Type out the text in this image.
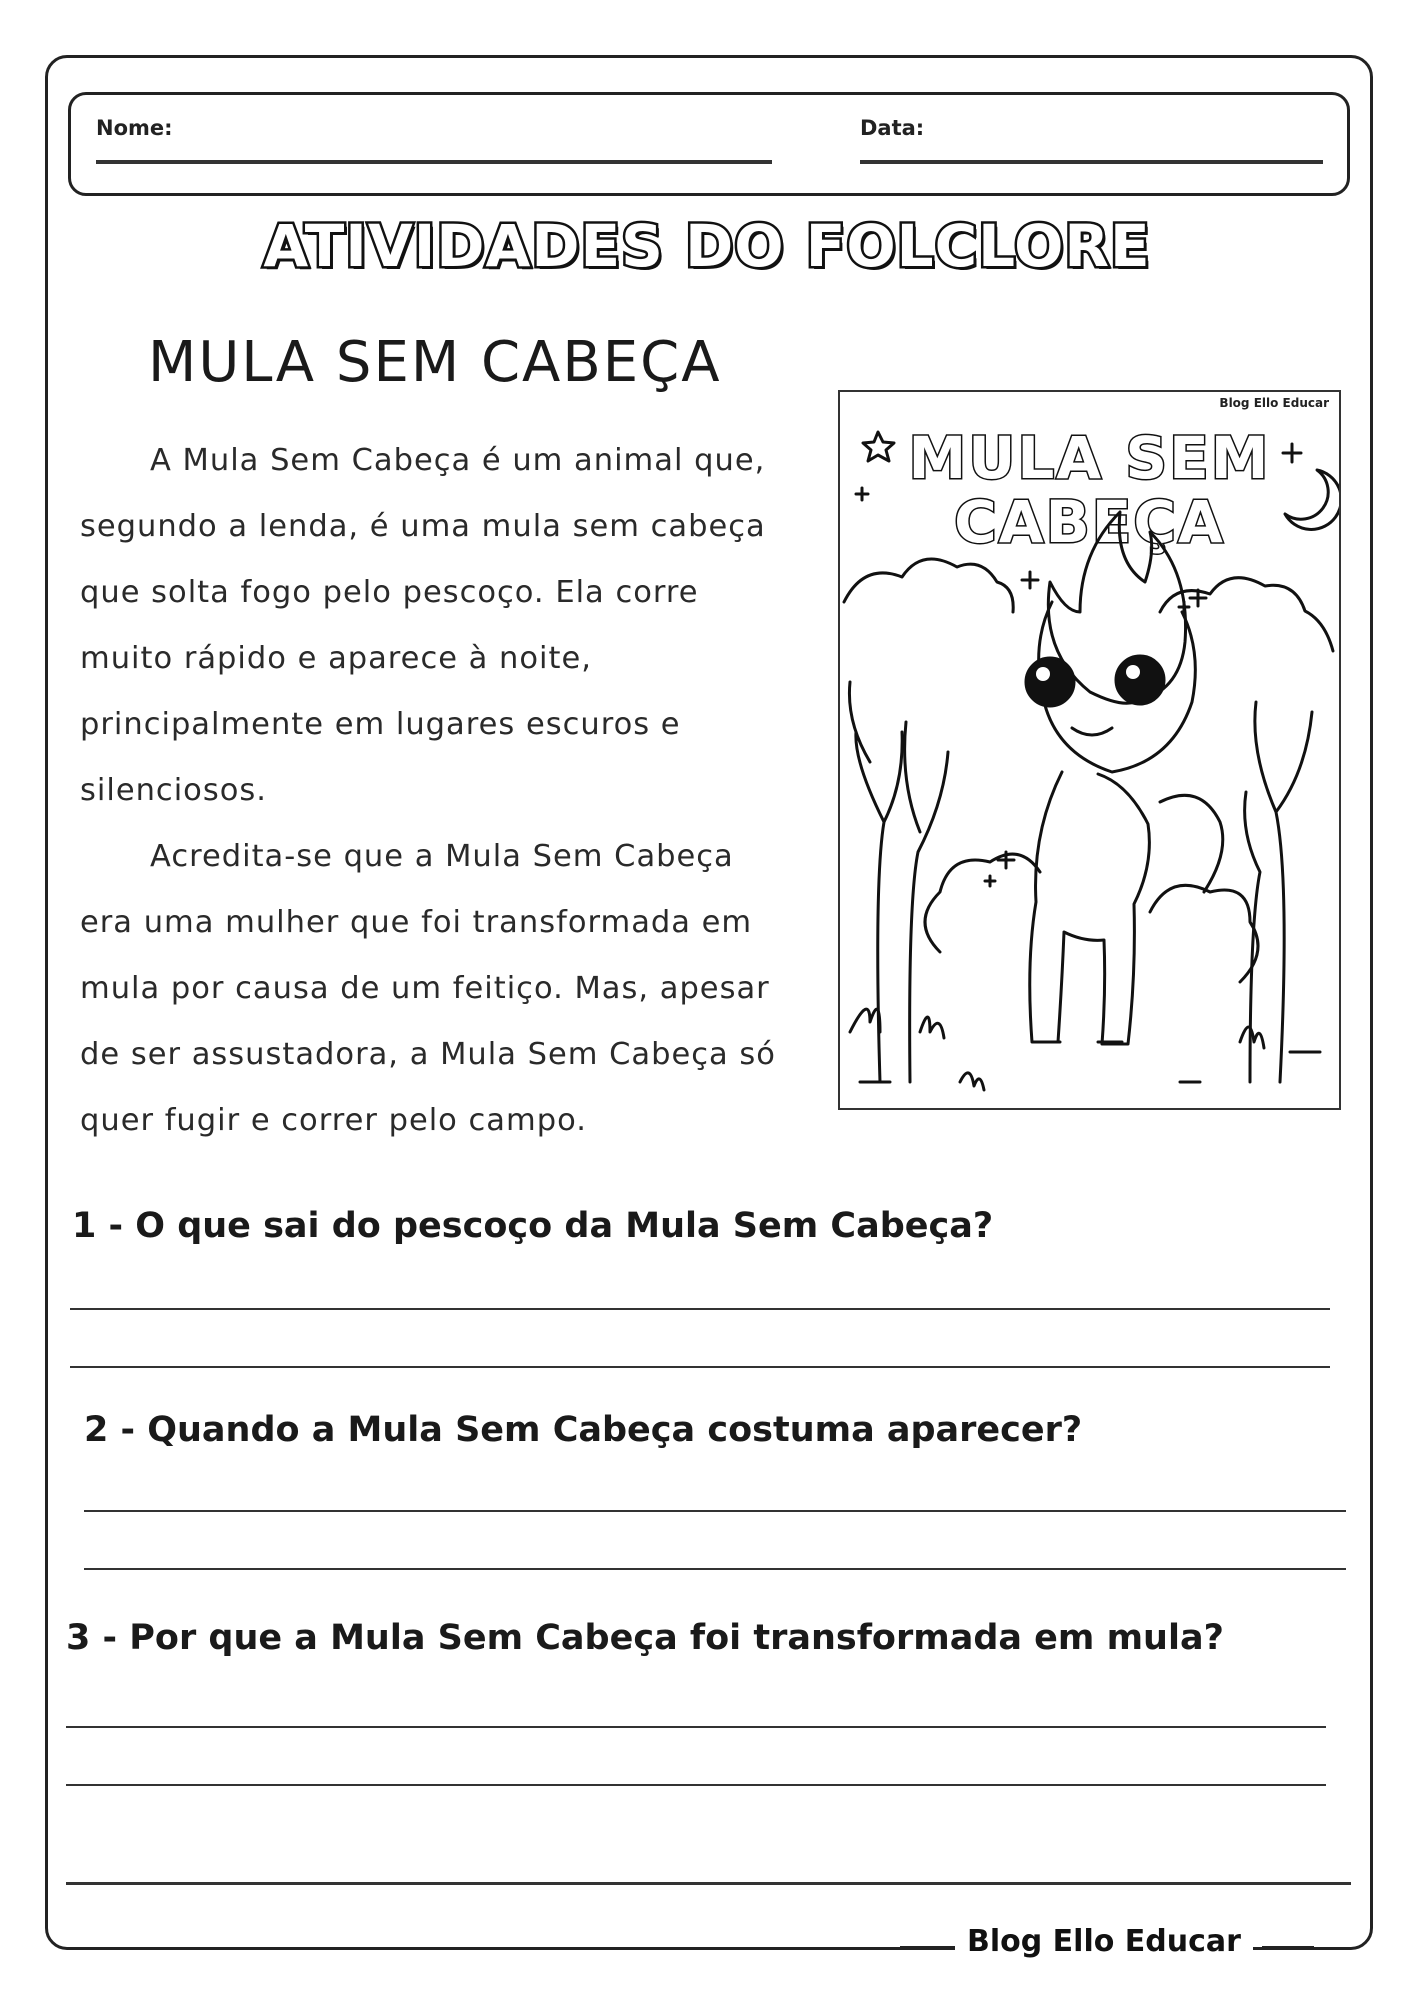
Nome:	Data:
ATIVIDADES DO FOLCLORE
MULA SEM CABEÇA

A Mula Sem Cabeça é um animal que,

segundo a lenda, é uma mula sem cabeça

que solta fogo pelo pescoço. Ela corre

muito rápido e aparece à noite,

principalmente em lugares escuros e

silenciosos.

Acredita-se que a Mula Sem Cabeça

era uma mulher que foi transformada em

mula por causa de um feitiço. Mas, apesar

de ser assustadora, a Mula Sem Cabeça só

quer fugir e correr pelo campo.

Blog Ello Educar
MULA SEM
CABEÇA
1 - O que sai do pescoço da Mula Sem Cabeça?
2 - Quando a Mula Sem Cabeça costuma aparecer?
3 - Por que a Mula Sem Cabeça foi transformada em mula?
Blog Ello Educar
